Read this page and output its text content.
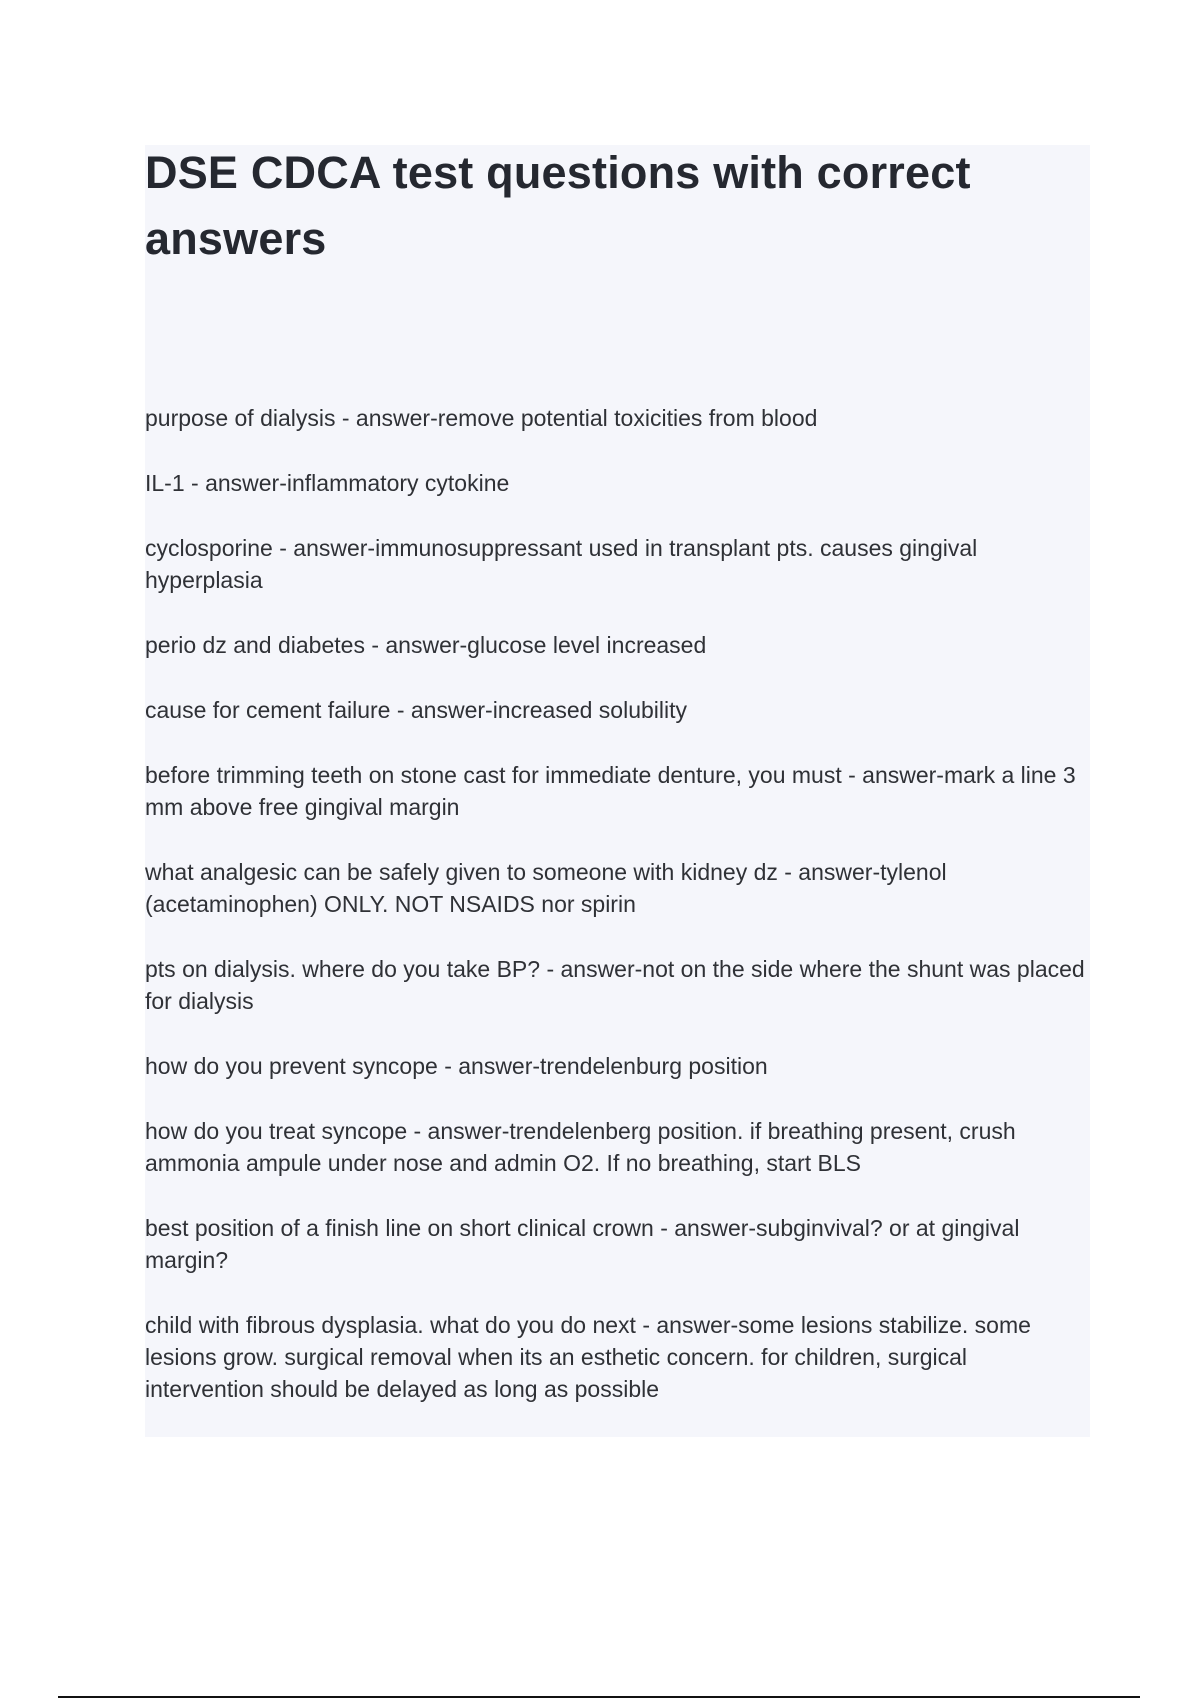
DSE CDCA test questions with correct answers
purpose of dialysis - answer-remove potential toxicities from blood
IL-1 - answer-inflammatory cytokine
cyclosporine - answer-immunosuppressant used in transplant pts. causes gingival hyperplasia
perio dz and diabetes - answer-glucose level increased
cause for cement failure - answer-increased solubility
before trimming teeth on stone cast for immediate denture, you must - answer-mark a line 3 mm above free gingival margin
what analgesic can be safely given to someone with kidney dz - answer-tylenol (acetaminophen) ONLY. NOT NSAIDS nor spirin
pts on dialysis. where do you take BP? - answer-not on the side where the shunt was placed for dialysis
how do you prevent syncope - answer-trendelenburg position
how do you treat syncope - answer-trendelenberg position. if breathing present, crush ammonia ampule under nose and admin O2. If no breathing, start BLS
best position of a finish line on short clinical crown - answer-subginvival? or at gingival margin?
child with fibrous dysplasia. what do you do next - answer-some lesions stabilize. some lesions grow. surgical removal when its an esthetic concern. for children, surgical intervention should be delayed as long as possible
